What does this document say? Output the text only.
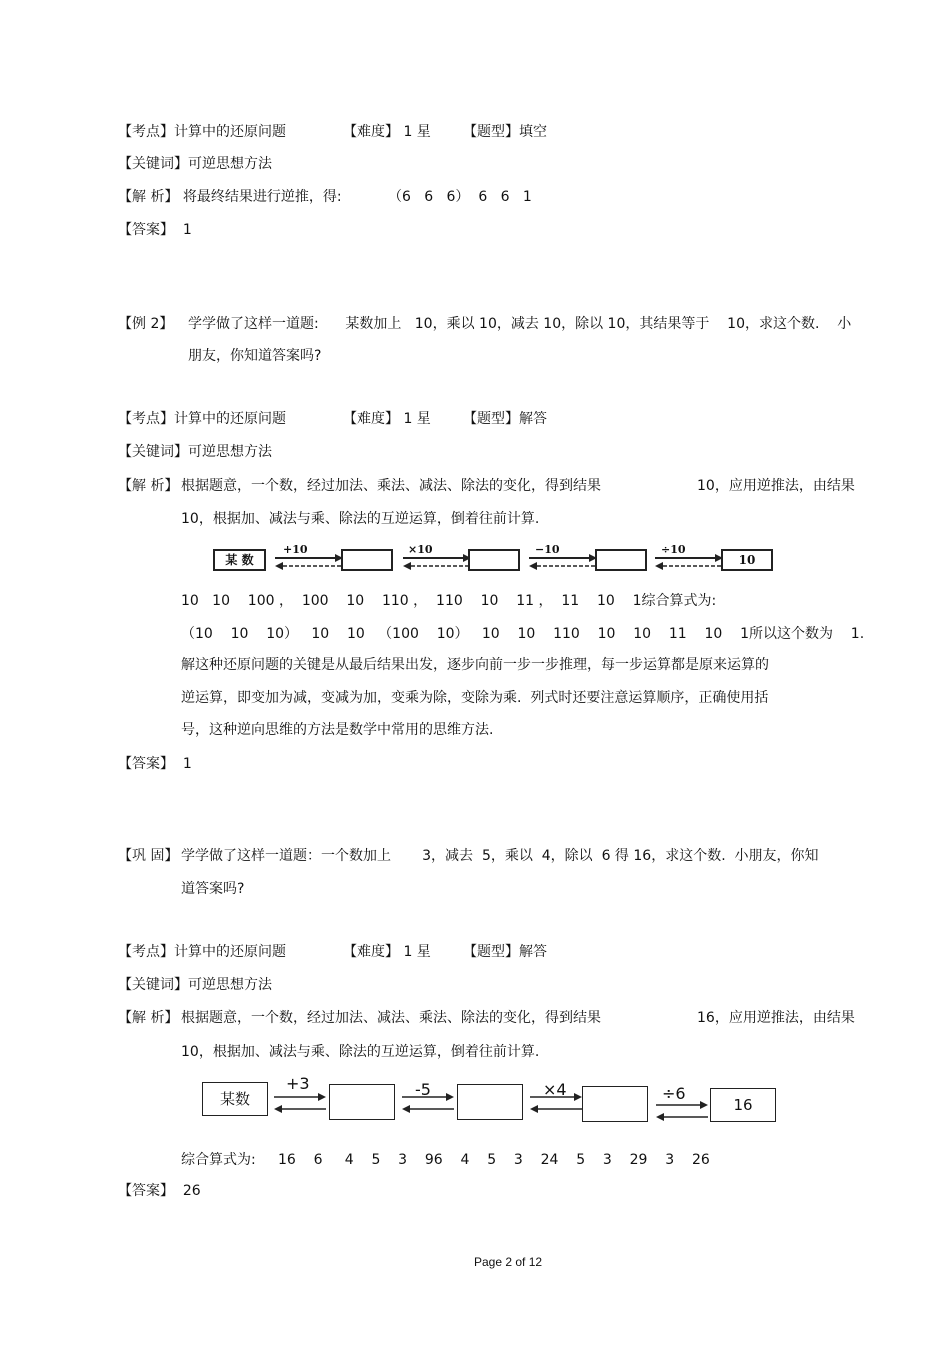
【考点】计算中的还原问题	【难度】 1 星 【题型】填空
【关键词】可逆思想方法
【解 析】 将最终结果进行逆推，得:	（6   6   6）  6   6   1
【答案】  1
【例 2】 学学做了这样一道题:      某数加上   10，乘以 10，减去 10，除以 10，其结果等于    10，求这个数.    小
朋友，你知道答案吗?
【考点】计算中的还原问题	【难度】 1 星 【题型】解答
【关键词】可逆思想方法
【解 析】 根据题意，一个数，经过加法、乘法、减法、除法的变化，得到结果	10，应用逆推法，由结果
10，根据加、减法与乘、除法的互逆运算，倒着往前计算.
某 数
+10	×10	−10	÷10
10
10   10    100 ，  100    10    110 ，  110    10    11 ，  11    10    1综合算式为:
（10    10    10）   10    10   （100    10）   10    10    110    10    10    11    10    1所以这个数为    1.
解这种还原问题的关键是从最后结果出发，逐步向前一步一步推理，每一步运算都是原来运算的
逆运算，即变加为减，变减为加，变乘为除，变除为乘.  列式时还要注意运算顺序，正确使用括
号，这种逆向思维的方法是数学中常用的思维方法.
【答案】  1
【巩 固】 学学做了这样一道题：一个数加上       3，减去  5，乘以  4，除以  6 得 16，求这个数.  小朋友，你知
道答案吗?
【考点】计算中的还原问题	【难度】 1 星 【题型】解答
【关键词】可逆思想方法
【解 析】 根据题意，一个数，经过加法、减法、乘法、除法的变化，得到结果	16，应用逆推法，由结果
10，根据加、减法与乘、除法的互逆运算，倒着往前计算.
某数
+3	-5	×4	÷6
16
综合算式为:     16    6     4    5    3    96    4    5    3    24    5    3    29    3    26
【答案】  26
Page 2 of 12
